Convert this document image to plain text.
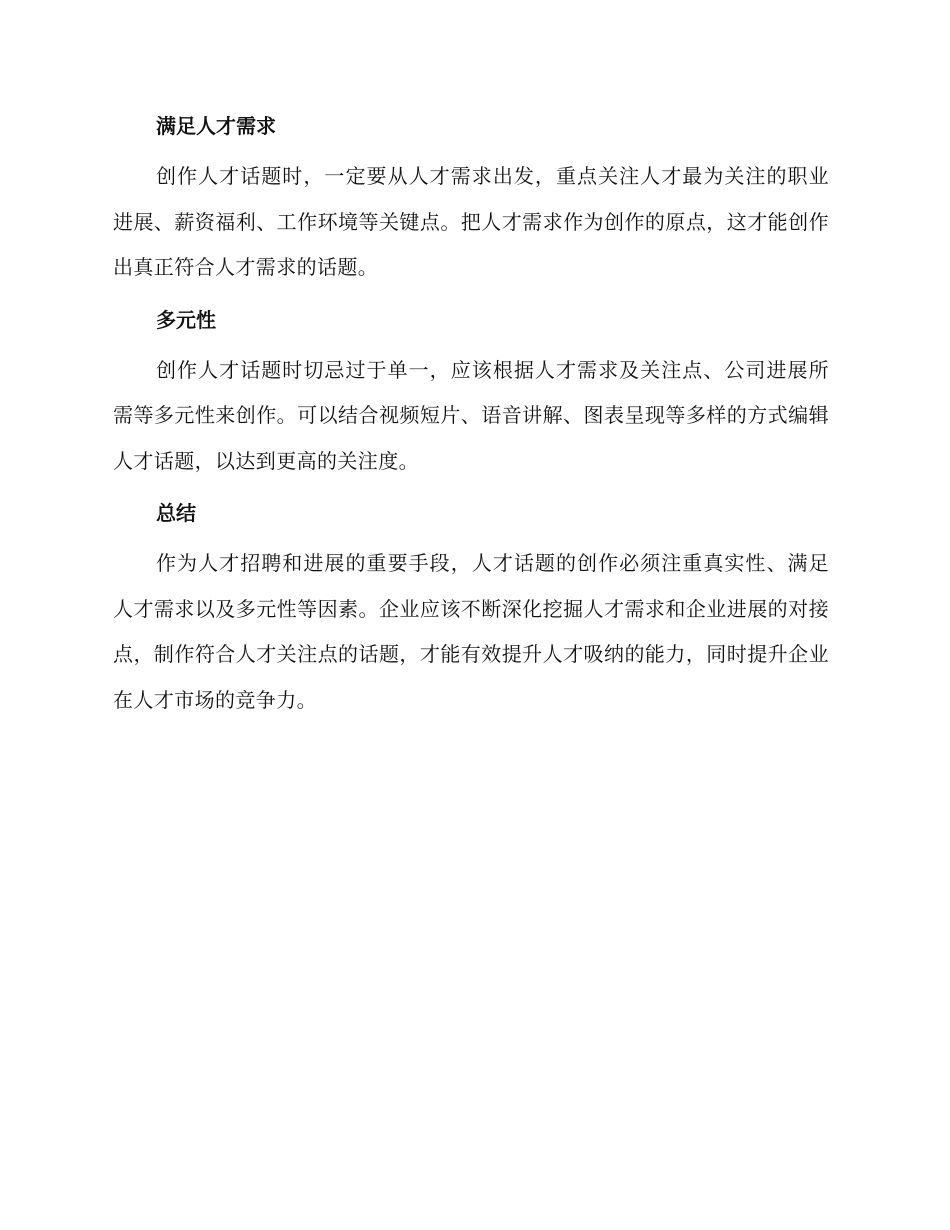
满足人才需求

创作人才话题时，一定要从人才需求出发，重点关注人才最为关注的职业进展、薪资福利、工作环境等关键点。把人才需求作为创作的原点，这才能创作出真正符合人才需求的话题。

多元性

创作人才话题时切忌过于单一，应该根据人才需求及关注点、公司进展所需等多元性来创作。可以结合视频短片、语音讲解、图表呈现等多样的方式编辑人才话题，以达到更高的关注度。

总结

作为人才招聘和进展的重要手段，人才话题的创作必须注重真实性、满足人才需求以及多元性等因素。企业应该不断深化挖掘人才需求和企业进展的对接点，制作符合人才关注点的话题，才能有效提升人才吸纳的能力，同时提升企业在人才市场的竞争力。
